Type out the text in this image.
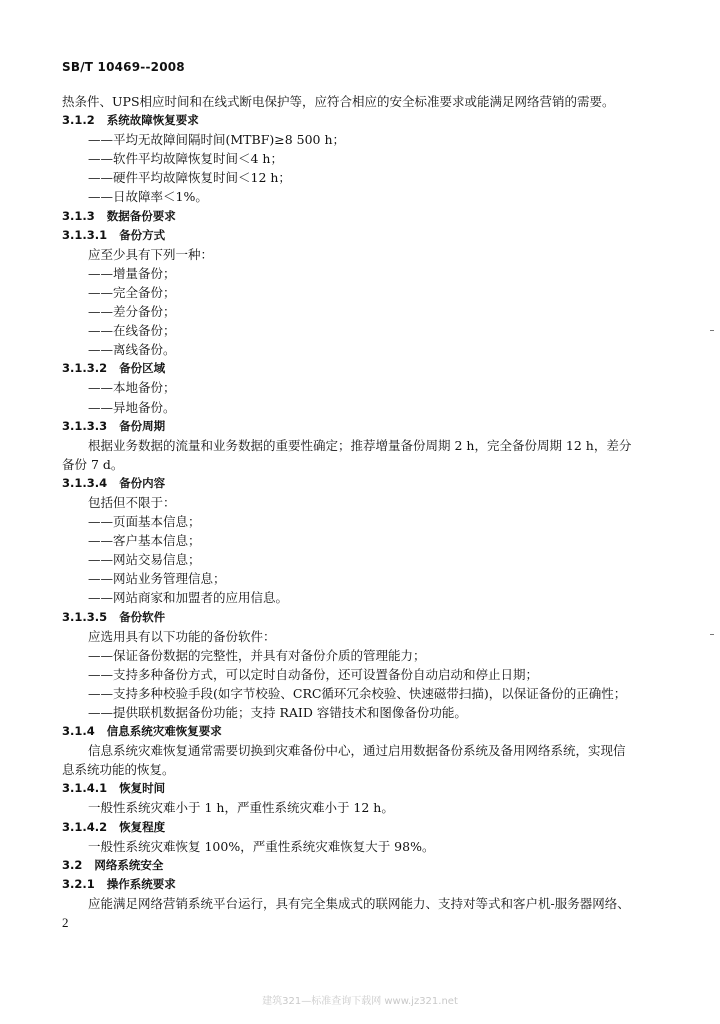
SB/T 10469--2008
热条件、UPS相应时间和在线式断电保护等，应符合相应的安全标准要求或能满足网络营销的需要。
3.1.2 系统故障恢复要求
——平均无故障间隔时间(MTBF)≥8 500 h；
——软件平均故障恢复时间＜4 h；
——硬件平均故障恢复时间＜12 h；
——日故障率＜1%。
3.1.3 数据备份要求
3.1.3.1 备份方式
应至少具有下列一种：
——增量备份；
——完全备份；
——差分备份；
——在线备份；
——离线备份。
3.1.3.2 备份区域
——本地备份；
——异地备份。
3.1.3.3 备份周期
根据业务数据的流量和业务数据的重要性确定；推荐增量备份周期 2 h，完全备份周期 12 h，差分
备份 7 d。
3.1.3.4 备份内容
包括但不限于：
——页面基本信息；
——客户基本信息；
——网站交易信息；
——网站业务管理信息；
——网站商家和加盟者的应用信息。
3.1.3.5 备份软件
应选用具有以下功能的备份软件：
——保证备份数据的完整性，并具有对备份介质的管理能力；
——支持多种备份方式，可以定时自动备份，还可设置备份自动启动和停止日期；
——支持多种校验手段(如字节校验、CRC循环冗余校验、快速磁带扫描)，以保证备份的正确性；
——提供联机数据备份功能；支持 RAID 容错技术和图像备份功能。
3.1.4 信息系统灾难恢复要求
信息系统灾难恢复通常需要切换到灾难备份中心，通过启用数据备份系统及备用网络系统，实现信
息系统功能的恢复。
3.1.4.1 恢复时间
一般性系统灾难小于 1 h，严重性系统灾难小于 12 h。
3.1.4.2 恢复程度
一般性系统灾难恢复 100%，严重性系统灾难恢复大于 98%。
3.2 网络系统安全
3.2.1 操作系统要求
应能满足网络营销系统平台运行，具有完全集成式的联网能力、支持对等式和客户机-服务器网络、
2
建筑321—标准查询下载网 www.jz321.net
